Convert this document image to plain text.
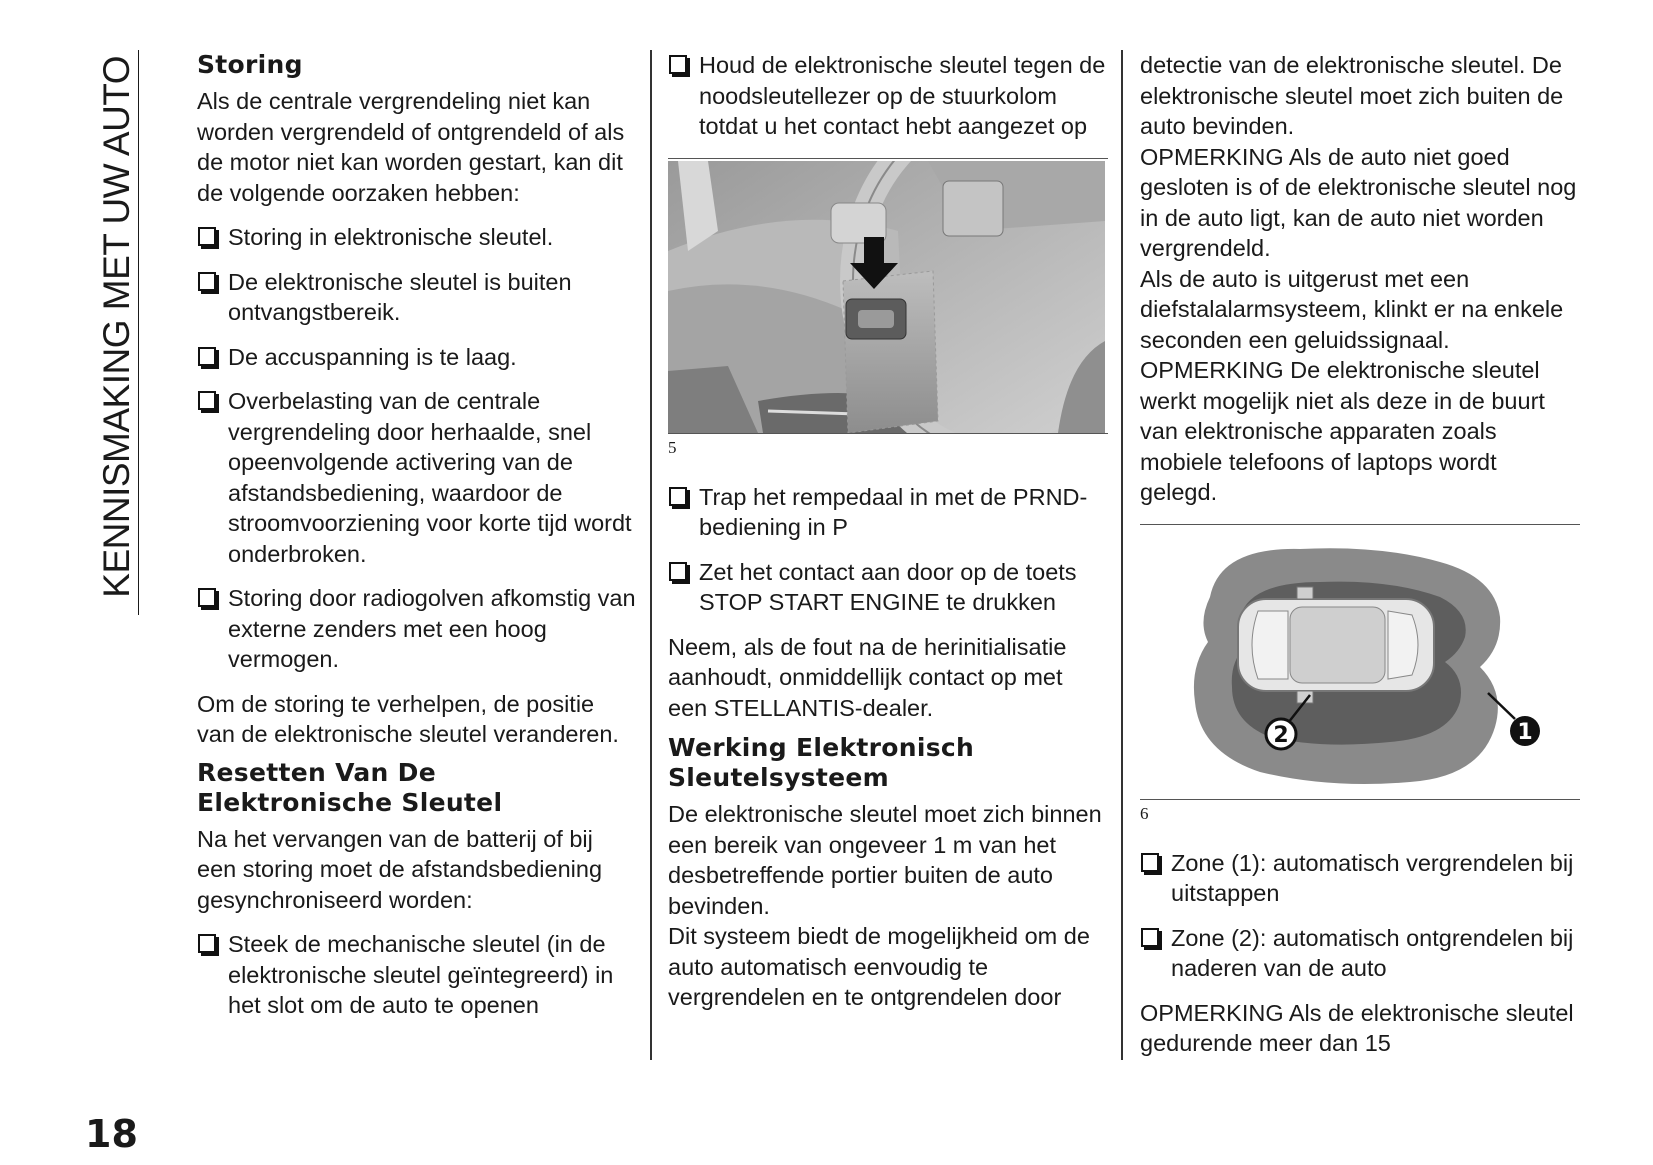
KENNISMAKING MET UW AUTO Storing

Als de centrale vergrendeling niet kan worden vergrendeld of ontgrendeld of als de motor niet kan worden gestart, kan dit de volgende oorzaken hebben:

Storing in elektronische sleutel.
De elektronische sleutel is buiten ontvangstbereik.
De accuspanning is te laag.
Overbelasting van de centrale vergrendeling door herhaalde, snel opeenvolgende activering van de afstandsbediening, waardoor de stroomvoorziening voor korte tijd wordt onderbroken.
Storing door radiogolven afkomstig van externe zenders met een hoog vermogen.

Om de storing te verhelpen, de positie van de elektronische sleutel veranderen.

Resetten Van De Elektronische Sleutel

Na het vervangen van de batterij of bij een storing moet de afstandsbediening gesynchroniseerd worden:

Steek de mechanische sleutel (in de elektronische sleutel geïntegreerd) in het slot om de auto te openen
Houd de elektronische sleutel tegen de noodsleutellezer op de stuurkolom totdat u het contact hebt aangezet op
5
Trap het rempedaal in met de PRND-bediening in P
Zet het contact aan door op de toets STOP START ENGINE te drukken

Neem, als de fout na de herinitialisatie aanhoudt, onmiddellijk contact op met een STELLANTIS-dealer.

Werking Elektronisch Sleutelsysteem

De elektronische sleutel moet zich binnen een bereik van ongeveer 1 m van het desbetreffende portier buiten de auto bevinden.

Dit systeem biedt de mogelijkheid om de auto automatisch eenvoudig te vergrendelen en te ontgrendelen door

detectie van de elektronische sleutel. De elektronische sleutel moet zich buiten de auto bevinden.

OPMERKING Als de auto niet goed gesloten is of de elektronische sleutel nog in de auto ligt, kan de auto niet worden vergrendeld.

Als de auto is uitgerust met een diefstalalarmsysteem, klinkt er na enkele seconden een geluidssignaal.

OPMERKING De elektronische sleutel werkt mogelijk niet als deze in de buurt van elektronische apparaten zoals mobiele telefoons of laptops wordt gelegd.

1
2
6
Zone (1): automatisch vergrendelen bij uitstappen
Zone (2): automatisch ontgrendelen bij naderen van de auto

OPMERKING Als de elektronische sleutel gedurende meer dan 15

18
